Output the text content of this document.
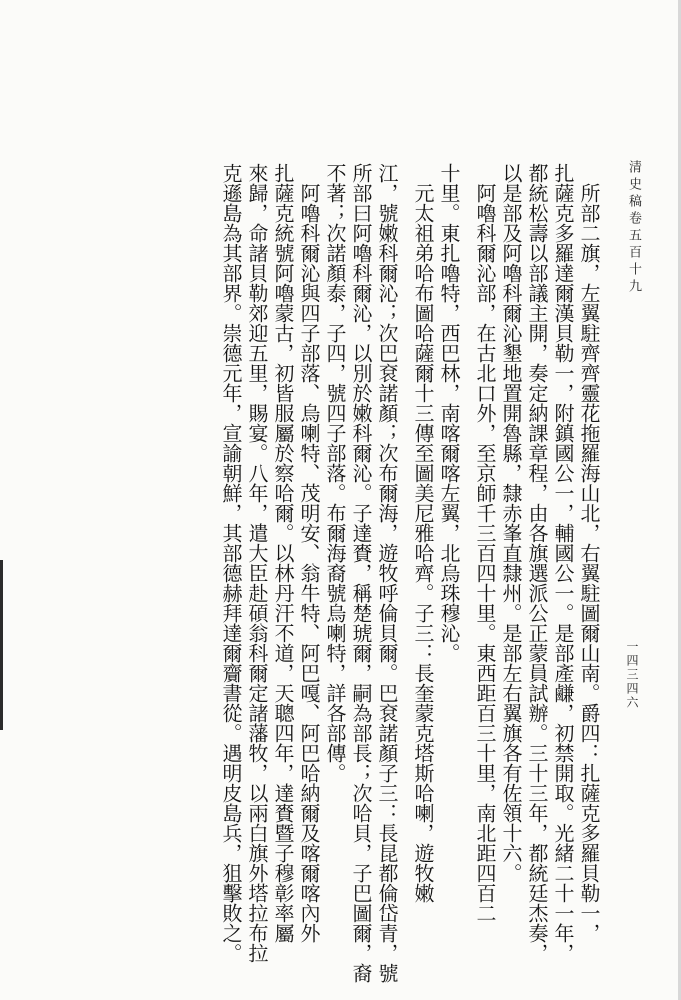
清史稿卷五百十九
一四三四六
所部二旗，左翼駐齊齊靈花拖羅海山北，右翼駐圖爾山南。爵四：扎薩克多羅貝勒一，
扎薩克多羅達爾漢貝勒一，附鎮國公一，輔國公一。是部產鹻，初禁開取。光緒二十一年，
都統松壽以部議主開，奏定納課章程，由各旗選派公正蒙員試辦。三十三年，都統廷杰奏，
以是部及阿嚕科爾沁墾地置開魯縣，隸赤峯直隸州。是部左右翼旗各有佐領十六。
阿嚕科爾沁部，在古北口外，至京師千三百四十里。東西距百三十里，南北距四百二
十里。東扎嚕特，西巴林，南喀爾喀左翼，北烏珠穆沁。
元太祖弟哈布圖哈薩爾十三傳至圖美尼雅哈齊。子三：長奎蒙克塔斯哈喇，遊牧嫩
江，號嫩科爾沁；次巴袞諾顏；次布爾海，遊牧呼倫貝爾。巴袞諾顏子三：長昆都倫岱青，號
所部曰阿嚕科爾沁，以別於嫩科爾沁。子達賚，稱楚琥爾，嗣為部長；次哈貝，子巴圖爾，裔
不著；次諾顏泰，子四，號四子部落。布爾海裔號烏喇特，詳各部傳。
阿嚕科爾沁與四子部落、烏喇特、茂明安、翁牛特、阿巴嘎、阿巴哈納爾及喀爾喀內外
扎薩克統號阿嚕蒙古，初皆服屬於察哈爾。以林丹汗不道，天聰四年，達賚暨子穆彰率屬
來歸，命諸貝勒郊迎五里，賜宴。八年，遣大臣赴碩翁科爾定諸藩牧，以兩白旗外塔拉布拉
克遜島為其部界。崇德元年，宣諭朝鮮，其部德赫拜達爾齎書從。遇明皮島兵，狙擊敗之。
